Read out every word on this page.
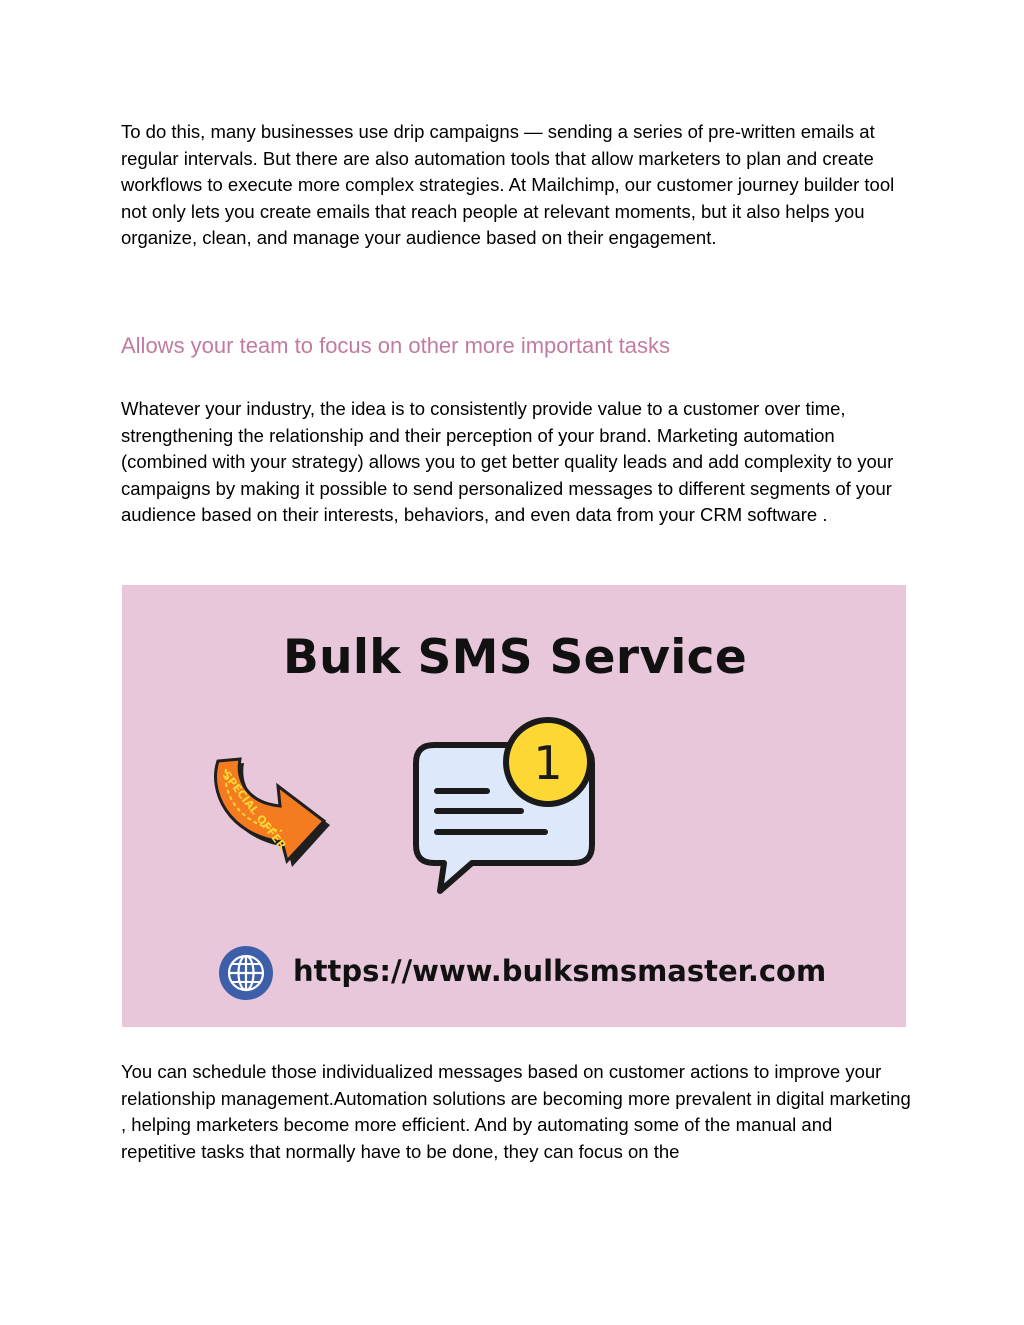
To do this, many businesses use drip campaigns — sending a series of pre-written emails at regular intervals. But there are also automation tools that allow marketers to plan and create workflows to execute more complex strategies. At Mailchimp, our customer journey builder tool not only lets you create emails that reach people at relevant moments, but it also helps you organize, clean, and manage your audience based on their engagement.

Allows your team to focus on other more important tasks

Whatever your industry, the idea is to consistently provide value to a customer over time, strengthening the relationship and their perception of your brand. Marketing automation (combined with your strategy) allows you to get better quality leads and add complexity to your campaigns by making it possible to send personalized messages to different segments of your audience based on their interests, behaviors, and even data from your CRM software .

Bulk SMS Service
SPECIAL OFFER
1

https://www.bulksmsmaster.com

You can schedule those individualized messages based on customer actions to improve your relationship management.Automation solutions are becoming more prevalent in digital marketing , helping marketers become more efficient. And by automating some of the manual and repetitive tasks that normally have to be done, they can focus on the
